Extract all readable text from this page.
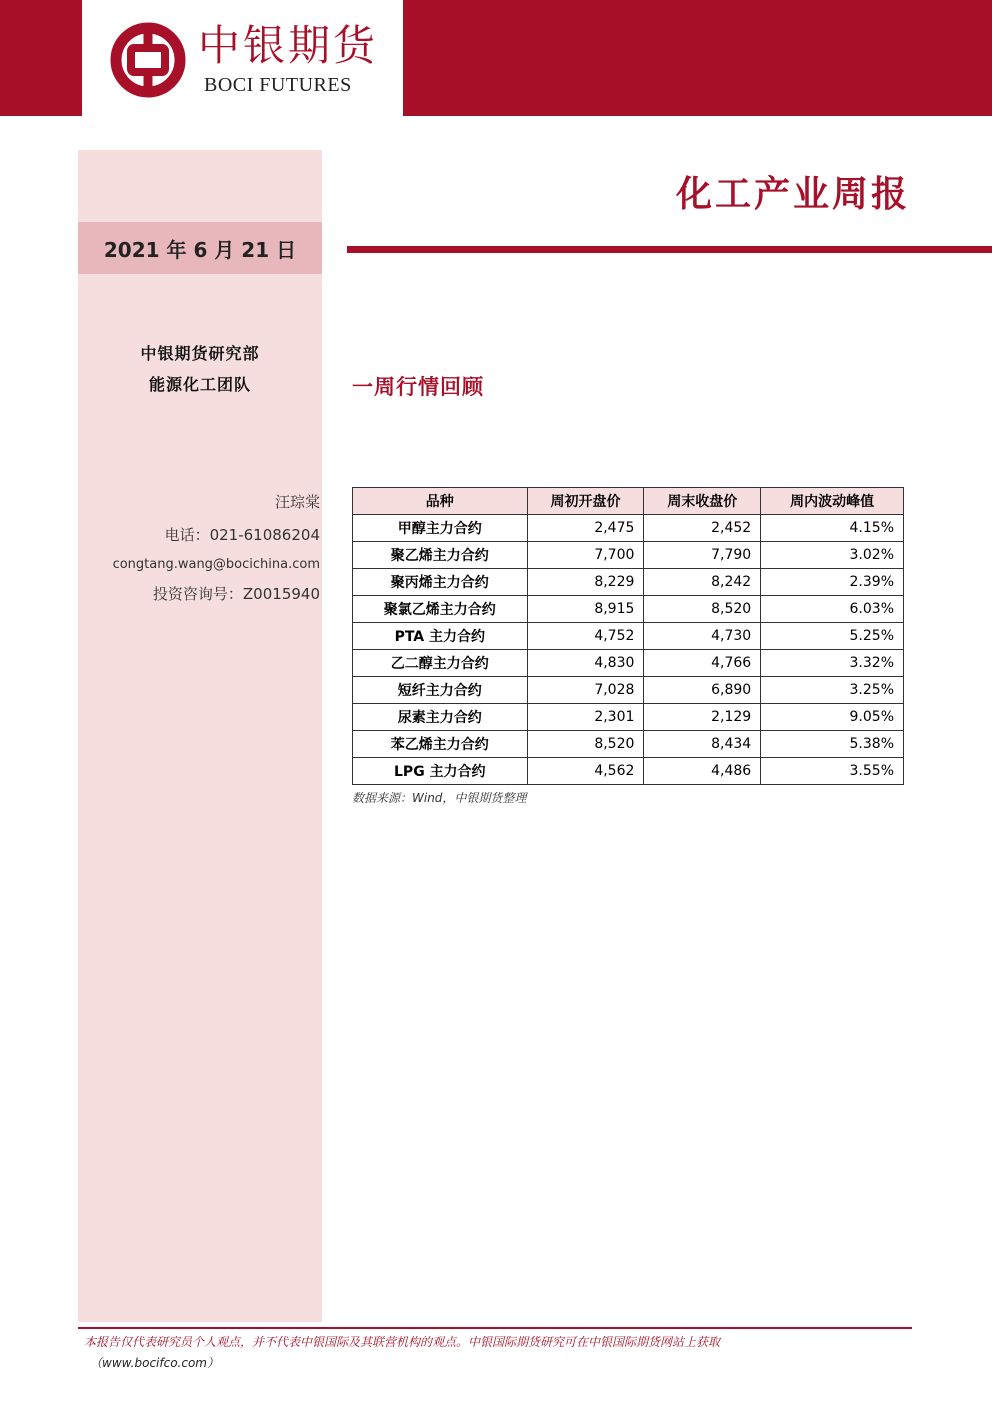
中银期货
BOCI FUTURES
2021 年 6 月 21 日
中银期货研究部
能源化工团队
汪琮棠
电话：021-61086204
congtang.wang@bocichina.com
投资咨询号：Z0015940
化工产业周报
一周行情回顾
品种	周初开盘价	周末收盘价	周内波动峰值
甲醇主力合约	2,475	2,452	4.15%
聚乙烯主力合约	7,700	7,790	3.02%
聚丙烯主力合约	8,229	8,242	2.39%
聚氯乙烯主力合约	8,915	8,520	6.03%
PTA 主力合约	4,752	4,730	5.25%
乙二醇主力合约	4,830	4,766	3.32%
短纤主力合约	7,028	6,890	3.25%
尿素主力合约	2,301	2,129	9.05%
苯乙烯主力合约	8,520	8,434	5.38%
LPG 主力合约	4,562	4,486	3.55%
数据来源：Wind，中银期货整理
本报告仅代表研究员个人观点，并不代表中银国际及其联营机构的观点。中银国际期货研究可在中银国际期货网站上获取
（www.bocifco.com）
